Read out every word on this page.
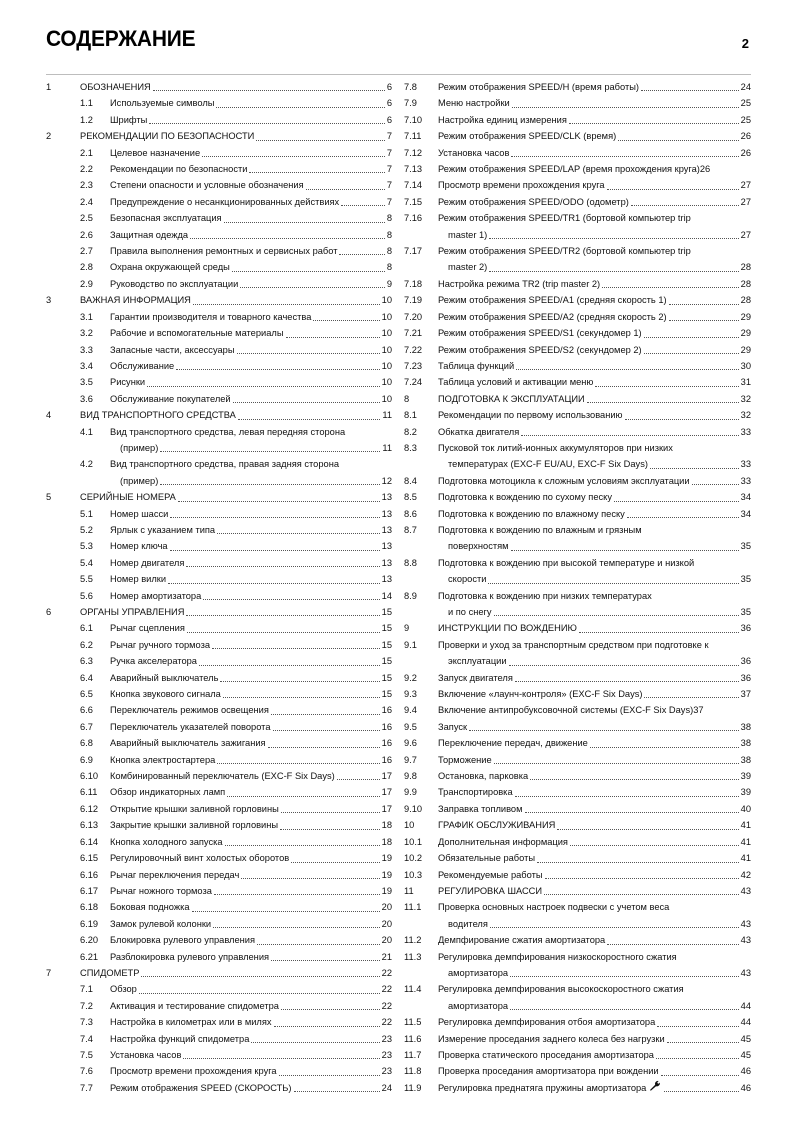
СОДЕРЖАНИЕ	2
1	ОБОЗНАЧЕНИЯ	6
1.1 Используемые символы	6
1.2 Шрифты	6
2	РЕКОМЕНДАЦИИ ПО БЕЗОПАСНОСТИ	7
2.1 Целевое назначение	7
2.2 Рекомендации по безопасности	7
2.3 Степени опасности и условные обозначения	7
2.4 Предупреждение о несанкционированных действиях	7
2.5 Безопасная эксплуатация	8
2.6 Защитная одежда	8
2.7 Правила выполнения ремонтных и сервисных работ	8
2.8 Охрана окружающей среды	8
2.9 Руководство по эксплуатации	9
3	ВАЖНАЯ ИНФОРМАЦИЯ	10
3.1 Гарантии производителя и товарного качества	10
3.2 Рабочие и вспомогательные материалы	10
3.3 Запасные части, аксессуары	10
3.4 Обслуживание	10
3.5 Рисунки	10
3.6 Обслуживание покупателей	10
4	ВИД ТРАНСПОРТНОГО СРЕДСТВА	11
4.1 Вид транспортного средства, левая передняя сторона
(пример)	11
4.2 Вид транспортного средства, правая задняя сторона
(пример)	12
5	СЕРИЙНЫЕ НОМЕРА	13
5.1 Номер шасси	13
5.2 Ярлык с указанием типа	13
5.3 Номер ключа	13
5.4 Номер двигателя	13
5.5 Номер вилки	13
5.6 Номер амортизатора	14
6	ОРГАНЫ УПРАВЛЕНИЯ	15
6.1 Рычаг сцепления	15
6.2 Рычаг ручного тормоза	15
6.3 Ручка акселератора	15
6.4 Аварийный выключатель	15
6.5 Кнопка звукового сигнала	15
6.6 Переключатель режимов освещения	16
6.7 Переключатель указателей поворота	16
6.8 Аварийный выключатель зажигания	16
6.9 Кнопка электростартера	16
6.10 Комбинированный переключатель (EXC-F Six Days)	17
6.11 Обзор индикаторных ламп	17
6.12 Открытие крышки заливной горловины	17
6.13 Закрытие крышки заливной горловины	18
6.14 Кнопка холодного запуска	18
6.15 Регулировочный винт холостых оборотов	19
6.16 Рычаг переключения передач	19
6.17 Рычаг ножного тормоза	19
6.18 Боковая подножка	20
6.19 Замок рулевой колонки	20
6.20 Блокировка рулевого управления	20
6.21 Разблокировка рулевого управления	21
7	СПИДОМЕТР	22
7.1 Обзор	22
7.2 Активация и тестирование спидометра	22
7.3 Настройка в километрах или в милях	22
7.4 Настройка функций спидометра	23
7.5 Установка часов	23
7.6 Просмотр времени прохождения круга	23
7.7 Режим отображения SPEED (СКОРОСТЬ)	24
7.8 Режим отображения SPEED/H (время работы)	24
7.9 Меню настройки	25
7.10 Настройка единиц измерения	25
7.11 Режим отображения SPEED/CLK (время)	26
7.12 Установка часов	26
7.13 Режим отображения SPEED/LAP (время прохождения круга) 26
7.14 Просмотр времени прохождения круга	27
7.15 Режим отображения SPEED/ODO (одометр)	27
7.16 Режим отображения SPEED/TR1 (бортовой компьютер trip
master 1)	27
7.17 Режим отображения SPEED/TR2 (бортовой компьютер trip
master 2)	28
7.18 Настройка режима TR2 (trip master 2)	28
7.19 Режим отображения SPEED/A1 (средняя скорость 1)	28
7.20 Режим отображения SPEED/A2 (средняя скорость 2)	29
7.21 Режим отображения SPEED/S1 (секундомер 1)	29
7.22 Режим отображения SPEED/S2 (секундомер 2)	29
7.23 Таблица функций	30
7.24 Таблица условий и активации меню	31
8	ПОДГОТОВКА К ЭКСПЛУАТАЦИИ	32
8.1 Рекомендации по первому использованию	32
8.2 Обкатка двигателя	33
8.3 Пусковой ток литий-ионных аккумуляторов при низких
температурах (EXC-F EU/AU, EXC-F Six Days)	33
8.4 Подготовка мотоцикла к сложным условиям эксплуатации	33
8.5 Подготовка к вождению по сухому песку	34
8.6 Подготовка к вождению по влажному песку	34
8.7 Подготовка к вождению по влажным и грязным
поверхностям	35
8.8 Подготовка к вождению при высокой температуре и низкой
скорости	35
8.9 Подготовка к вождению при низких температурах
и по снегу	35
9	ИНСТРУКЦИИ ПО ВОЖДЕНИЮ	36
9.1 Проверки и уход за транспортным средством при подготовке к
эксплуатации	36
9.2 Запуск двигателя	36
9.3 Включение «лаунч-контроля» (EXC-F Six Days)	37
9.4 Включение антипробуксовочной системы (EXC-F Six Days) 37
9.5 Запуск	38
9.6 Переключение передач, движение	38
9.7 Торможение	38
9.8 Остановка, парковка	39
9.9 Транспортировка	39
9.10 Заправка топливом	40
10	ГРАФИК ОБСЛУЖИВАНИЯ	41
10.1 Дополнительная информация	41
10.2 Обязательные работы	41
10.3 Рекомендуемые работы	42
11	РЕГУЛИРОВКА ШАССИ	43
11.1 Проверка основных настроек подвески с учетом веса
водителя	43
11.2 Демпфирование сжатия амортизатора	43
11.3 Регулировка демпфирования низкоскоростного сжатия
амортизатора	43
11.4 Регулировка демпфирования высокоскоростного сжатия
амортизатора	44
11.5 Регулировка демпфирования отбоя амортизатора	44
11.6 Измерение проседания заднего колеса без нагрузки	45
11.7 Проверка статического проседания амортизатора	45
11.8 Проверка проседания амортизатора при вождении	46
11.9 Регулировка преднатяга пружины амортизатора	46
